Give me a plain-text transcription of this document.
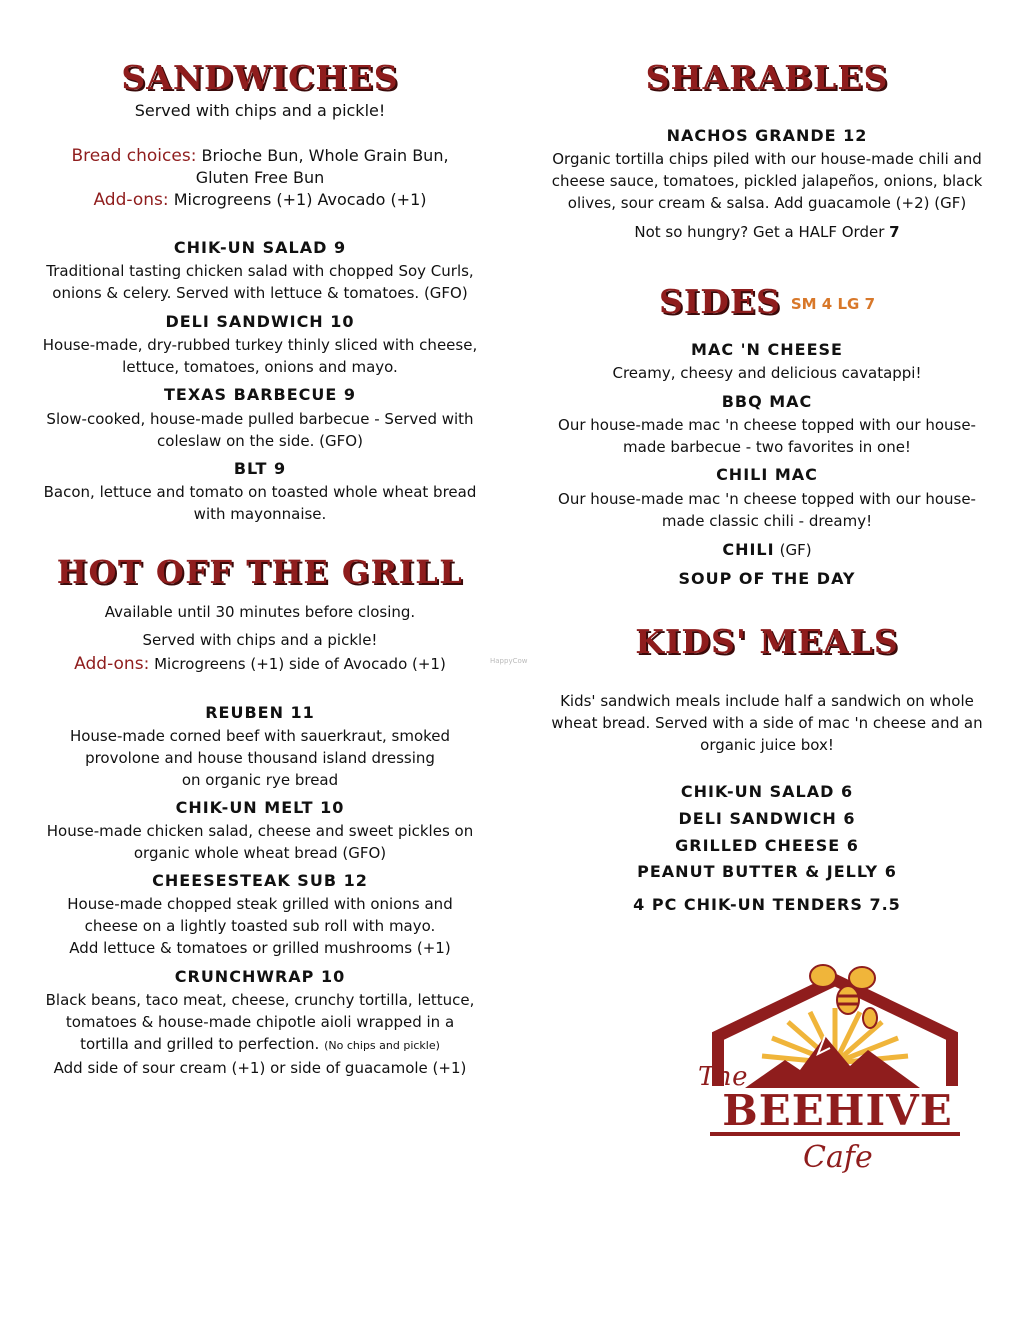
SANDWICHES
Served with chips and a pickle!
Bread choices: Brioche Bun, Whole Grain Bun,
Gluten Free Bun
Add-ons: Microgreens (+1) Avocado (+1)
CHIK-UN SALAD 9
Traditional tasting chicken salad with chopped Soy Curls,
onions & celery. Served with lettuce & tomatoes. (GFO)
DELI SANDWICH 10
House-made, dry-rubbed turkey thinly sliced with cheese,
lettuce, tomatoes, onions and mayo.
TEXAS BARBECUE 9
Slow-cooked, house-made pulled barbecue - Served with
coleslaw on the side. (GFO)
BLT 9
Bacon, lettuce and tomato on toasted whole wheat bread
with mayonnaise.
HOT OFF THE GRILL
Available until 30 minutes before closing.
Served with chips and a pickle!
Add-ons: Microgreens (+1) side of Avocado (+1)
REUBEN 11
House-made corned beef with sauerkraut, smoked
provolone and house thousand island dressing
on organic rye bread
CHIK-UN MELT 10
House-made chicken salad, cheese and sweet pickles on
organic whole wheat bread (GFO)
CHEESESTEAK SUB 12
House-made chopped steak grilled with onions and
cheese on a lightly toasted sub roll with mayo.
Add lettuce & tomatoes or grilled mushrooms (+1)
CRUNCHWRAP 10
Black beans, taco meat, cheese, crunchy tortilla, lettuce,
tomatoes & house-made chipotle aioli wrapped in a
tortilla and grilled to perfection. (No chips and pickle)
Add side of sour cream (+1) or side of guacamole (+1)
HappyCow
SHARABLES
NACHOS GRANDE 12
Organic tortilla chips piled with our house-made chili and
cheese sauce, tomatoes, pickled jalapeños, onions, black
olives, sour cream & salsa. Add guacamole (+2) (GF)
Not so hungry? Get a HALF Order 7
SIDES SM 4 LG 7
MAC 'N CHEESE
Creamy, cheesy and delicious cavatappi!
BBQ MAC
Our house-made mac 'n cheese topped with our house-
made barbecue - two favorites in one!
CHILI MAC
Our house-made mac 'n cheese topped with our house-
made classic chili - dreamy!
CHILI (GF)
SOUP OF THE DAY
KIDS' MEALS
Kids' sandwich meals include half a sandwich on whole
wheat bread. Served with a side of mac 'n cheese and an
organic juice box!
CHIK-UN SALAD 6
DELI SANDWICH 6
GRILLED CHEESE 6
PEANUT BUTTER & JELLY 6
4 PC CHIK-UN TENDERS 7.5
The
BEEHIVE
Cafe
